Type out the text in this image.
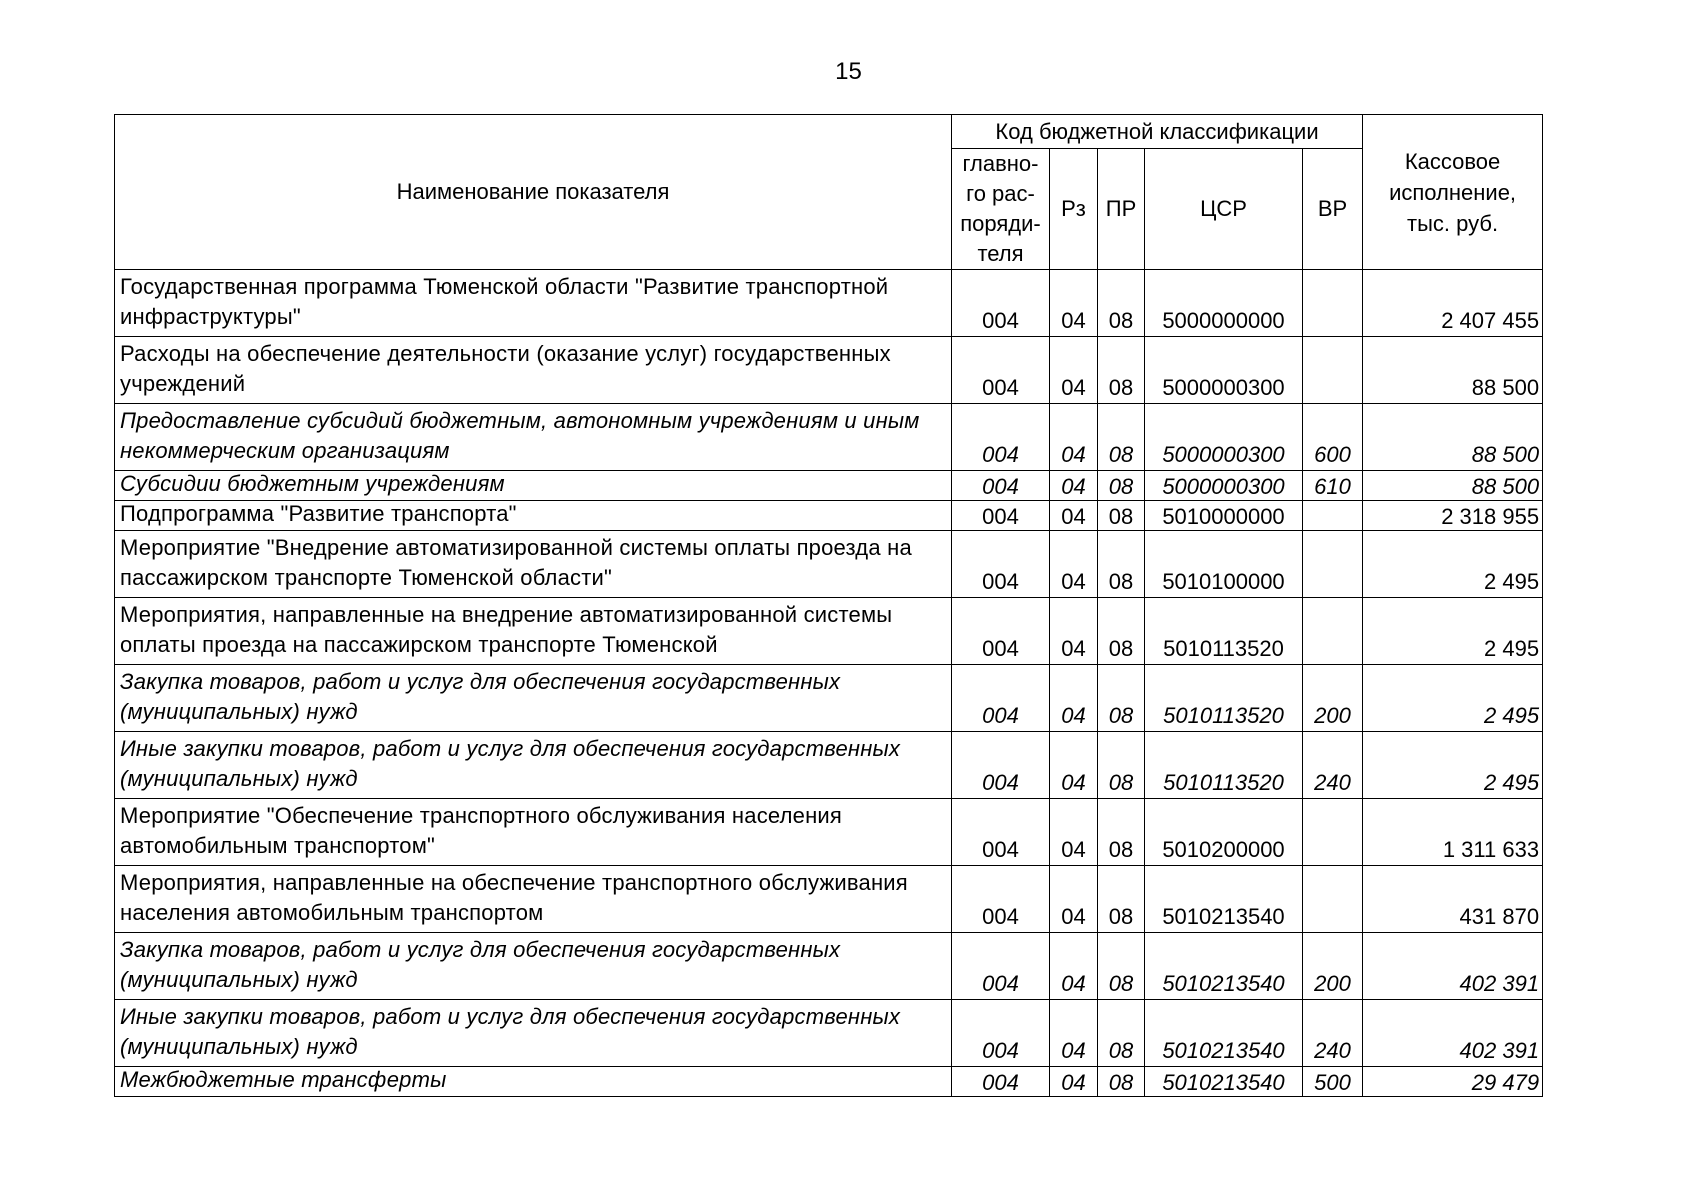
15
Наименование показателя	Код бюджетной классификации					Кассовое
исполнение,
тыс. руб.
	главно-
го рас-
поряди-
теля	Рз	ПР	ЦСР	ВР	
Государственная программа Тюменской области "Развитие транспортной инфраструктуры"	004	04	08	5000000000		2 407 455
Расходы на обеспечение деятельности (оказание услуг) государственных учреждений	004	04	08	5000000300		88 500
Предоставление субсидий бюджетным, автономным учреждениям и иным некоммерческим организациям	004	04	08	5000000300	600	88 500
Субсидии бюджетным учреждениям	004	04	08	5000000300	610	88 500
Подпрограмма "Развитие транспорта"	004	04	08	5010000000		2 318 955
Мероприятие "Внедрение автоматизированной системы оплаты проезда на пассажирском транспорте Тюменской области"	004	04	08	5010100000		2 495
Мероприятия, направленные на внедрение автоматизированной системы оплаты проезда на пассажирском транспорте Тюменской	004	04	08	5010113520		2 495
Закупка товаров, работ и услуг для обеспечения государственных (муниципальных) нужд	004	04	08	5010113520	200	2 495
Иные закупки товаров, работ и услуг для обеспечения государственных (муниципальных) нужд	004	04	08	5010113520	240	2 495
Мероприятие "Обеспечение транспортного обслуживания населения автомобильным транспортом"	004	04	08	5010200000		1 311 633
Мероприятия, направленные на обеспечение транспортного обслуживания населения автомобильным транспортом	004	04	08	5010213540		431 870
Закупка товаров, работ и услуг для обеспечения государственных (муниципальных) нужд	004	04	08	5010213540	200	402 391
Иные закупки товаров, работ и услуг для обеспечения государственных (муниципальных) нужд	004	04	08	5010213540	240	402 391
Межбюджетные трансферты	004	04	08	5010213540	500	29 479
